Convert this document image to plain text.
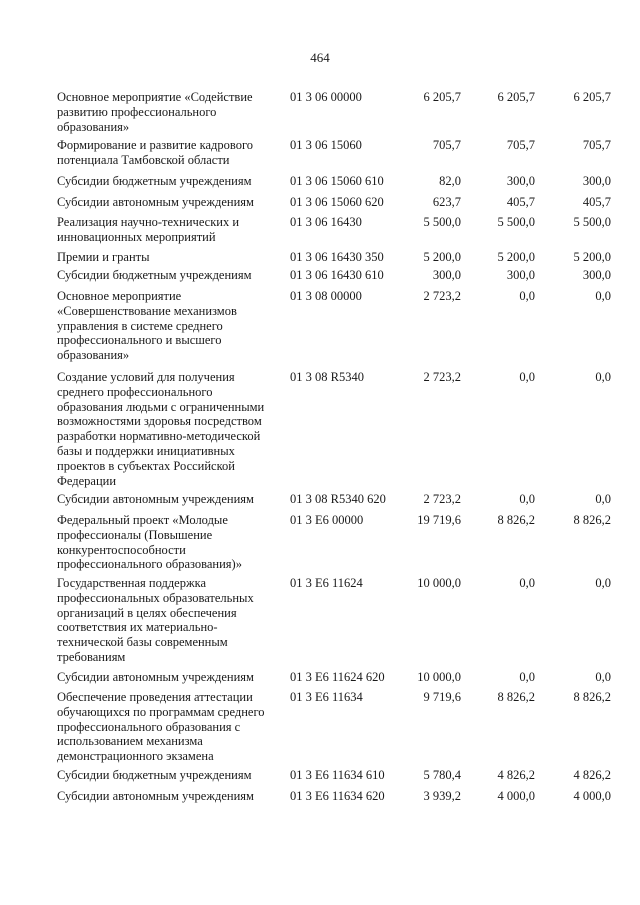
464
Основное мероприятие «Содействие
развитию профессионального
образования»
01 3 06 00000	6 205,7	6 205,7	6 205,7
Формирование и развитие кадрового
потенциала Тамбовской области
01 3 06 15060	705,7	705,7	705,7
Субсидии бюджетным учреждениям	01 3 06 15060 610	82,0	300,0	300,0
Субсидии автономным учреждениям	01 3 06 15060 620	623,7	405,7	405,7
Реализация научно-технических и
инновационных мероприятий
01 3 06 16430	5 500,0	5 500,0	5 500,0
Премии и гранты	01 3 06 16430 350	5 200,0	5 200,0	5 200,0
Субсидии бюджетным учреждениям	01 3 06 16430 610	300,0	300,0	300,0
Основное мероприятие
«Совершенствование механизмов
управления в системе среднего
профессионального и высшего
образования»
01 3 08 00000	2 723,2	0,0	0,0
Создание условий для получения
среднего профессионального
образования людьми с ограниченными
возможностями здоровья посредством
разработки нормативно-методической
базы и поддержки инициативных
проектов в субъектах Российской
Федерации
01 3 08 R5340	2 723,2	0,0	0,0
Субсидии автономным учреждениям	01 3 08 R5340 620	2 723,2	0,0	0,0
Федеральный проект «Молодые
профессионалы (Повышение
конкурентоспособности
профессионального образования)»
01 3 E6 00000	19 719,6	8 826,2	8 826,2
Государственная поддержка
профессиональных образовательных
организаций в целях обеспечения
соответствия их материально-
технической базы современным
требованиям
01 3 E6 11624	10 000,0	0,0	0,0
Субсидии автономным учреждениям	01 3 E6 11624 620	10 000,0	0,0	0,0
Обеспечение проведения аттестации
обучающихся по программам среднего
профессионального образования с
использованием механизма
демонстрационного экзамена
01 3 E6 11634	9 719,6	8 826,2	8 826,2
Субсидии бюджетным учреждениям	01 3 E6 11634 610	5 780,4	4 826,2	4 826,2
Субсидии автономным учреждениям	01 3 E6 11634 620	3 939,2	4 000,0	4 000,0
